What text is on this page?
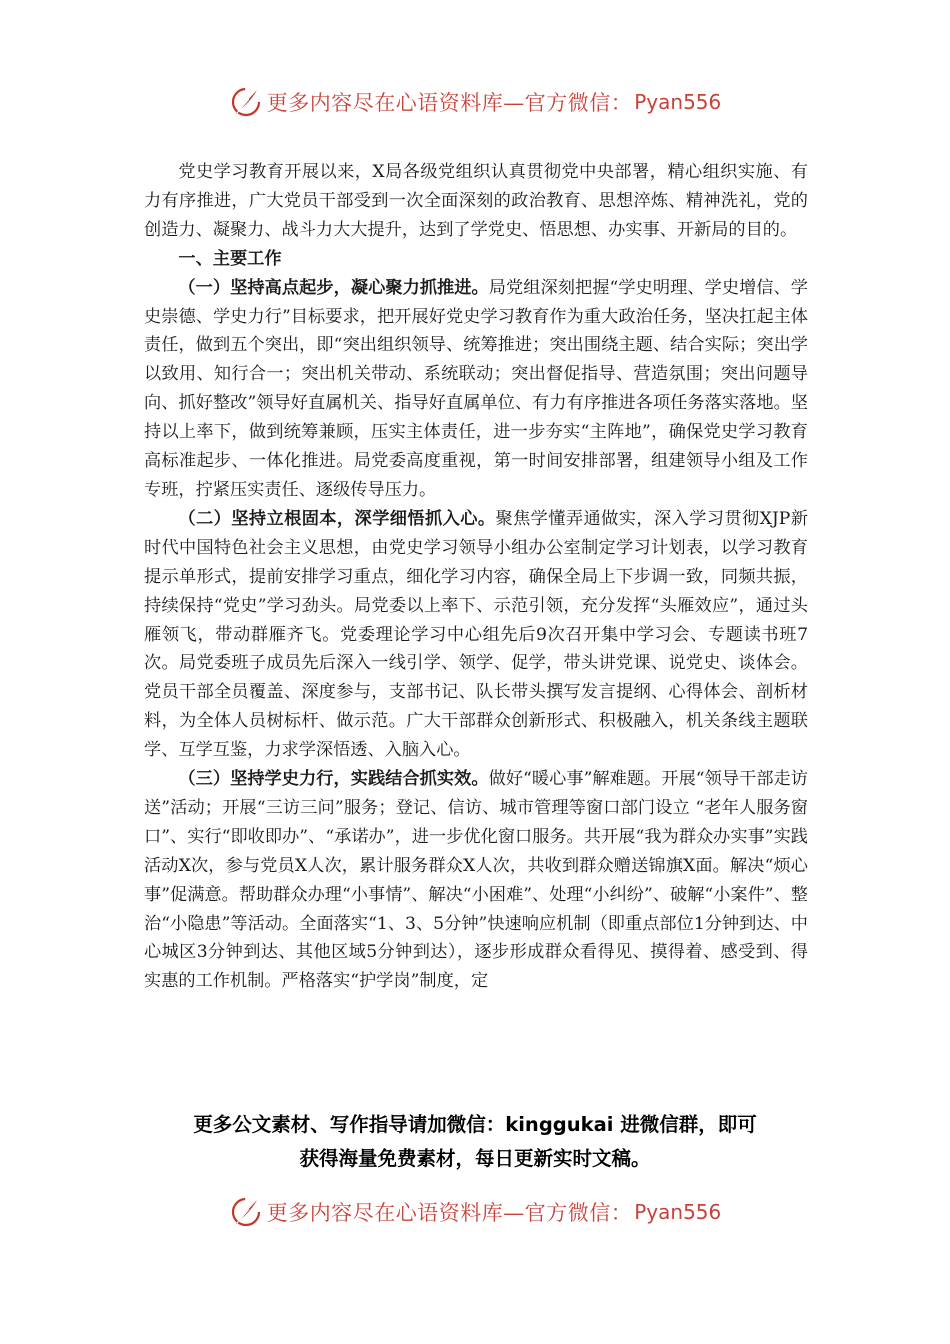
更多内容尽在心语资料库—官方微信： Pyan556

党史学习教育开展以来，X局各级党组织认真贯彻党中央部署，精心组织实施、有力有序推进，广大党员干部受到一次全面深刻的政治教育、思想淬炼、精神洗礼，党的创造力、凝聚力、战斗力大大提升，达到了学党史、悟思想、办实事、开新局的目的。

一、主要工作

（一）坚持高点起步，凝心聚力抓推进。局党组深刻把握“学史明理、学史增信、学史崇德、学史力行”目标要求，把开展好党史学习教育作为重大政治任务，坚决扛起主体责任，做到五个突出，即“突出组织领导、统筹推进；突出围绕主题、结合实际；突出学以致用、知行合一；突出机关带动、系统联动；突出督促指导、营造氛围；突出问题导向、抓好整改”领导好直属机关、指导好直属单位、有力有序推进各项任务落实落地。坚持以上率下，做到统筹兼顾，压实主体责任，进一步夯实“主阵地”，确保党史学习教育高标准起步、一体化推进。局党委高度重视，第一时间安排部署，组建领导小组及工作专班，拧紧压实责任、逐级传导压力。

（二）坚持立根固本，深学细悟抓入心。聚焦学懂弄通做实，深入学习贯彻XJP新时代中国特色社会主义思想，由党史学习领导小组办公室制定学习计划表，以学习教育提示单形式，提前安排学习重点，细化学习内容，确保全局上下步调一致，同频共振，持续保持“党史”学习劲头。局党委以上率下、示范引领，充分发挥“头雁效应”，通过头雁领飞，带动群雁齐飞。党委理论学习中心组先后9次召开集中学习会、专题读书班7次。局党委班子成员先后深入一线引学、领学、促学，带头讲党课、说党史、谈体会。党员干部全员覆盖、深度参与，支部书记、队长带头撰写发言提纲、心得体会、剖析材料，为全体人员树标杆、做示范。广大干部群众创新形式、积极融入，机关条线主题联学、互学互鉴，力求学深悟透、入脑入心。

（三）坚持学史力行，实践结合抓实效。做好“暖心事”解难题。开展“领导干部走访送”活动；开展“三访三问”服务；登记、信访、城市管理等窗口部门设立 “老年人服务窗口”、实行“即收即办”、“承诺办”，进一步优化窗口服务。共开展“我为群众办实事”实践活动X次，参与党员X人次，累计服务群众X人次，共收到群众赠送锦旗X面。解决“烦心事”促满意。帮助群众办理“小事情”、解决“小困难”、处理“小纠纷”、破解“小案件”、整治“小隐患”等活动。全面落实“1、3、5分钟”快速响应机制（即重点部位1分钟到达、中心城区3分钟到达、其他区域5分钟到达），逐步形成群众看得见、摸得着、感受到、得实惠的工作机制。严格落实“护学岗”制度，定

更多公文素材、写作指导请加微信：kinggukai 进微信群，即可
获得海量免费素材，每日更新实时文稿。
更多内容尽在心语资料库—官方微信： Pyan556
